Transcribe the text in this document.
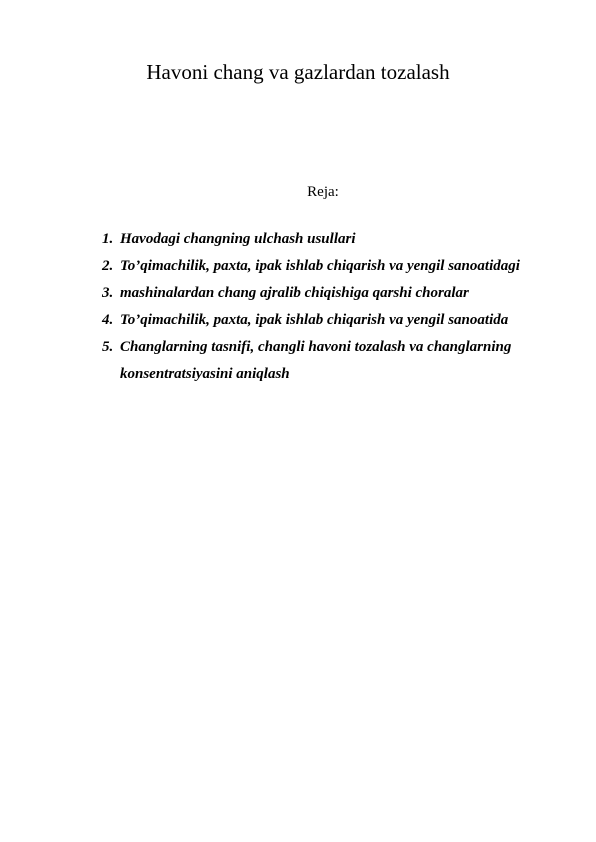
Havoni chang va gazlardan tozalash
Reja:
1. Havodagi changning ulchash usullari
2. To’qimachilik, paxta, ipak ishlab chiqarish va yengil sanoatidagi
3. mashinalardan chang ajralib chiqishiga qarshi choralar
4. To’qimachilik, paxta, ipak ishlab chiqarish va yengil sanoatida
5. Changlarning tasnifi, changli havoni tozalash va changlarning
konsentratsiyasini aniqlash
